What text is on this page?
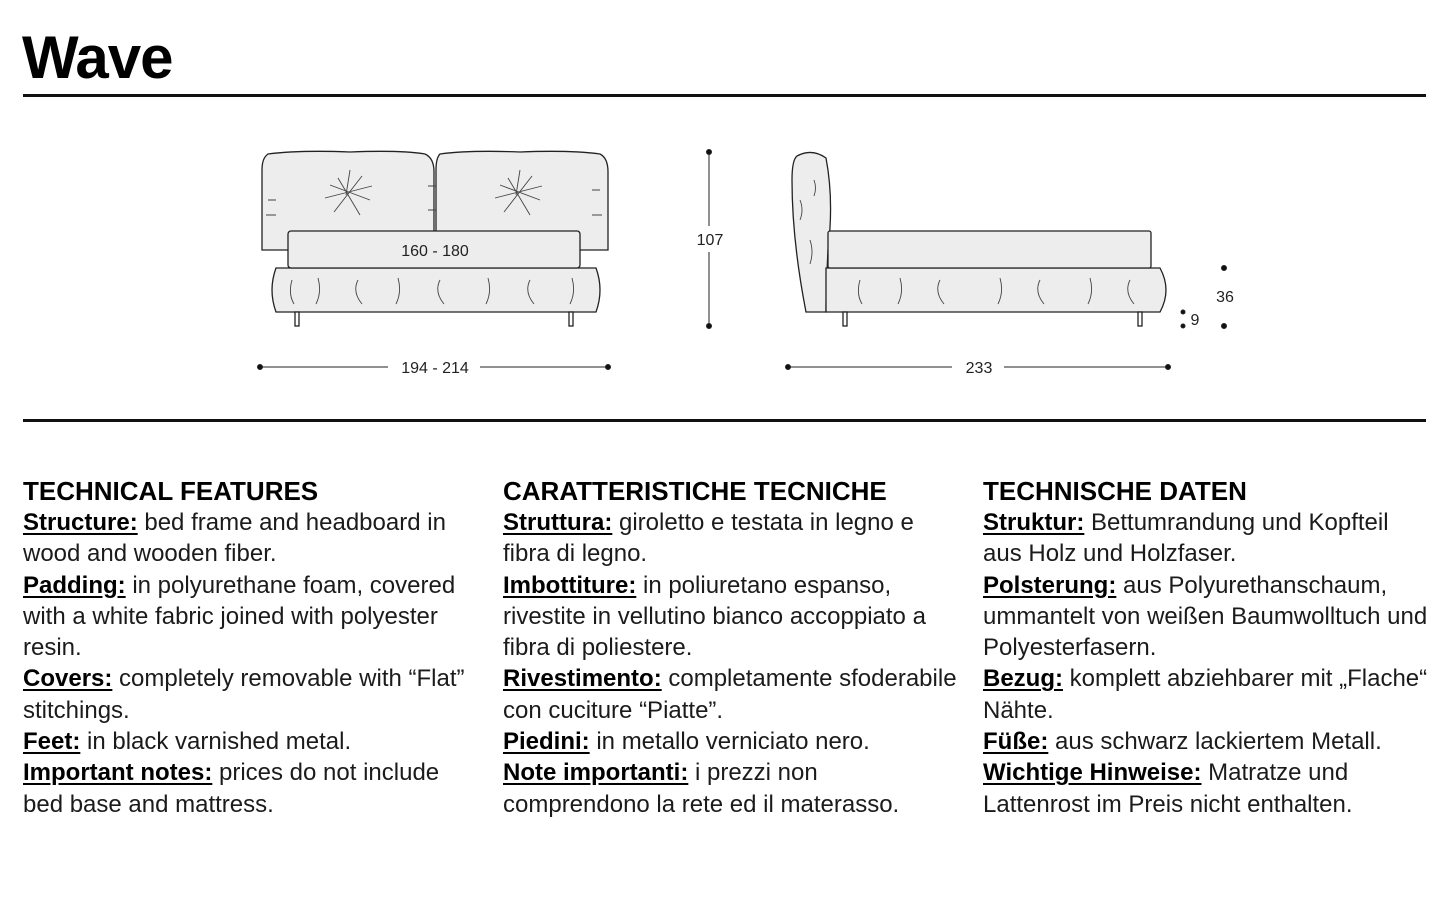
Wave
160 - 180
194 - 214
107
233
36
9
TECHNICAL FEATURES

Structure: bed frame and headboard in wood and wooden fiber.

Padding: in polyurethane foam, covered with a white fabric joined with polyester resin.

Covers: completely removable with “Flat” stitchings.

Feet: in black varnished metal.

Important notes: prices do not include bed base and mattress.

CARATTERISTICHE TECNICHE

Struttura: giroletto e testata in legno e fibra di legno.

Imbottiture: in poliuretano espanso, rivestite in vellutino bianco accoppiato a fibra di poliestere.

Rivestimento: completamente sfoderabile con cuciture “Piatte”.

Piedini: in metallo verniciato nero.

Note importanti: i prezzi non comprendono la rete ed il materasso.

TECHNISCHE DATEN

Struktur: Bettumrandung und Kopfteil aus Holz und Holzfaser.

Polsterung: aus Polyurethanschaum, ummantelt von weißen Baumwolltuch und Polyesterfasern.

Bezug: komplett abziehbarer mit „Flache“ Nähte.

Füße: aus schwarz lackiertem Metall.

Wichtige Hinweise: Matratze und Lattenrost im Preis nicht enthalten.
